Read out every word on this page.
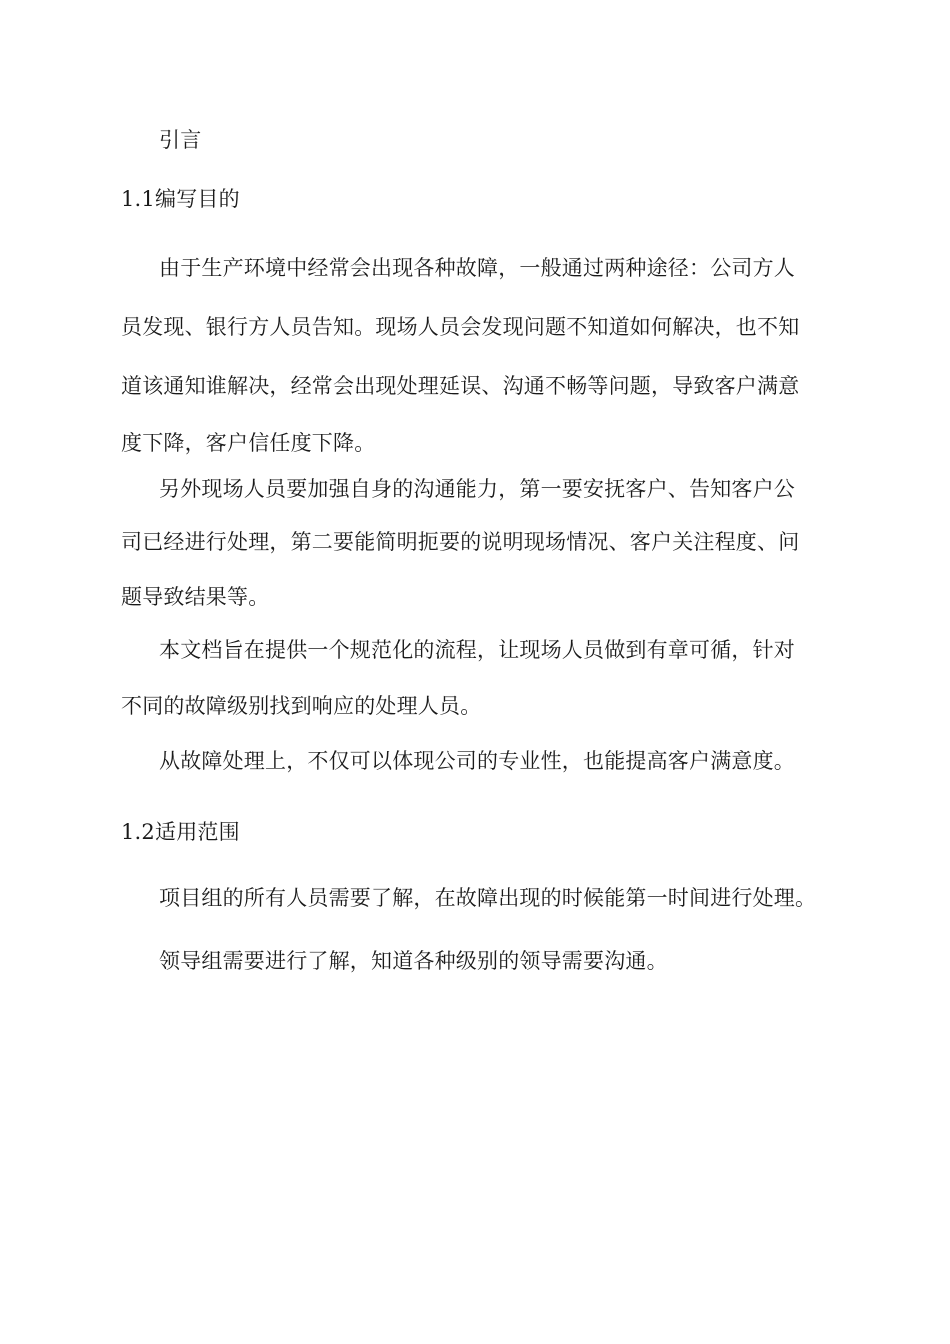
引言
1.1编写目的
由于生产环境中经常会出现各种故障，一般通过两种途径：公司方人
员发现、银行方人员告知。现场人员会发现问题不知道如何解决，也不知
道该通知谁解决，经常会出现处理延误、沟通不畅等问题，导致客户满意
度下降，客户信任度下降。
另外现场人员要加强自身的沟通能力，第一要安抚客户、告知客户公
司已经进行处理，第二要能简明扼要的说明现场情况、客户关注程度、问
题导致结果等。
本文档旨在提供一个规范化的流程，让现场人员做到有章可循，针对
不同的故障级别找到响应的处理人员。
从故障处理上，不仅可以体现公司的专业性，也能提高客户满意度。
1.2适用范围
项目组的所有人员需要了解，在故障出现的时候能第一时间进行处理。
领导组需要进行了解，知道各种级别的领导需要沟通。
